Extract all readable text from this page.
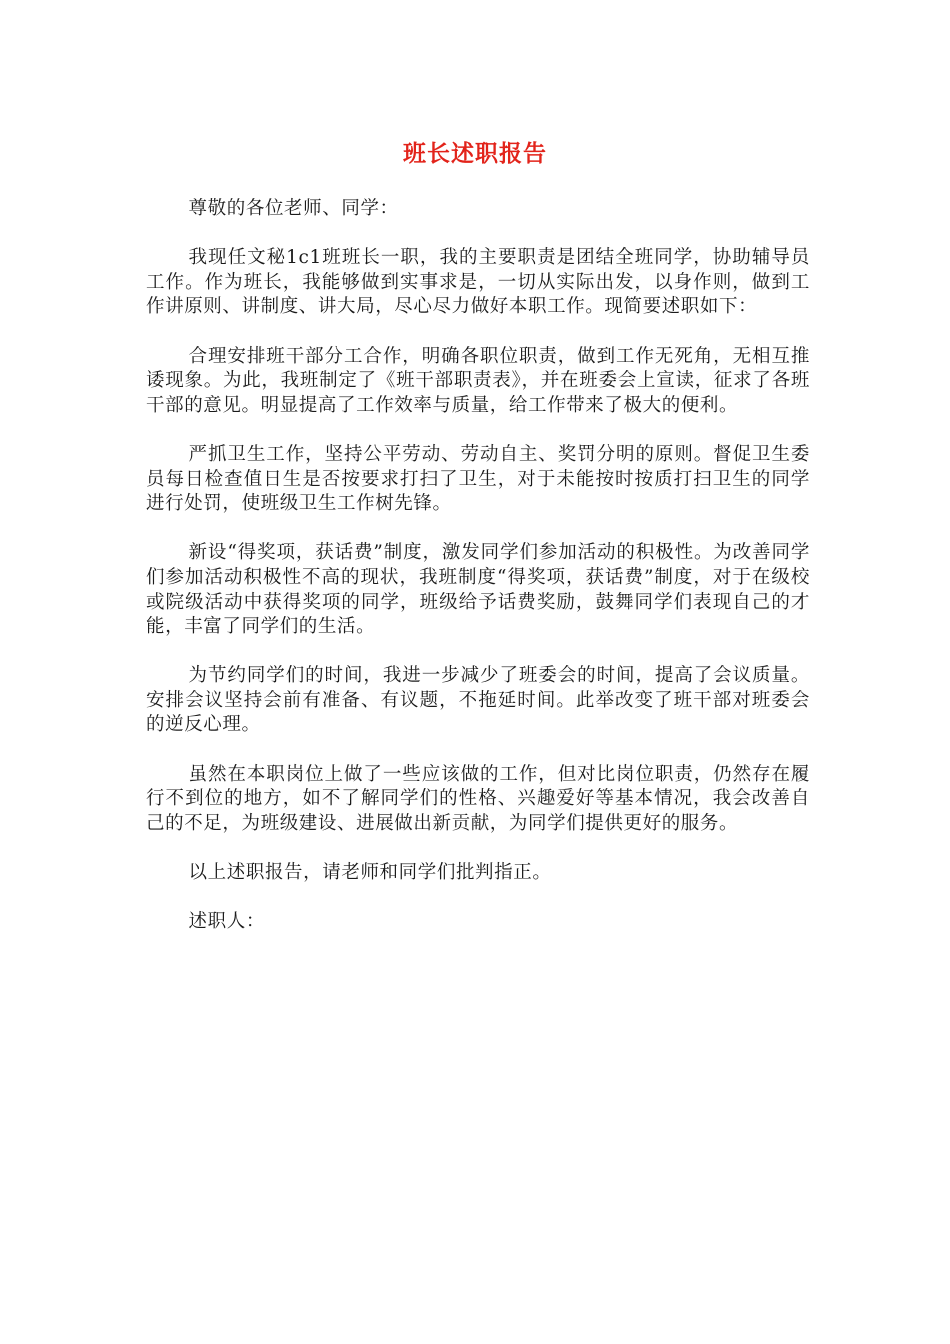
班长述职报告

尊敬的各位老师、同学：

我现任文秘1c1班班长一职，我的主要职责是团结全班同学，协助辅导员工作。作为班长，我能够做到实事求是，一切从实际出发，以身作则，做到工作讲原则、讲制度、讲大局，尽心尽力做好本职工作。现简要述职如下：

合理安排班干部分工合作，明确各职位职责，做到工作无死角，无相互推诿现象。为此，我班制定了《班干部职责表》，并在班委会上宣读，征求了各班干部的意见。明显提高了工作效率与质量，给工作带来了极大的便利。

严抓卫生工作，坚持公平劳动、劳动自主、奖罚分明的原则。督促卫生委员每日检查值日生是否按要求打扫了卫生，对于未能按时按质打扫卫生的同学进行处罚，使班级卫生工作树先锋。

新设“得奖项，获话费”制度，激发同学们参加活动的积极性。为改善同学们参加活动积极性不高的现状，我班制度“得奖项，获话费”制度，对于在级校或院级活动中获得奖项的同学，班级给予话费奖励，鼓舞同学们表现自己的才能，丰富了同学们的生活。

为节约同学们的时间，我进一步减少了班委会的时间，提高了会议质量。安排会议坚持会前有准备、有议题，不拖延时间。此举改变了班干部对班委会的逆反心理。

虽然在本职岗位上做了一些应该做的工作，但对比岗位职责，仍然存在履行不到位的地方，如不了解同学们的性格、兴趣爱好等基本情况，我会改善自己的不足，为班级建设、进展做出新贡献，为同学们提供更好的服务。

以上述职报告，请老师和同学们批判指正。

述职人：
